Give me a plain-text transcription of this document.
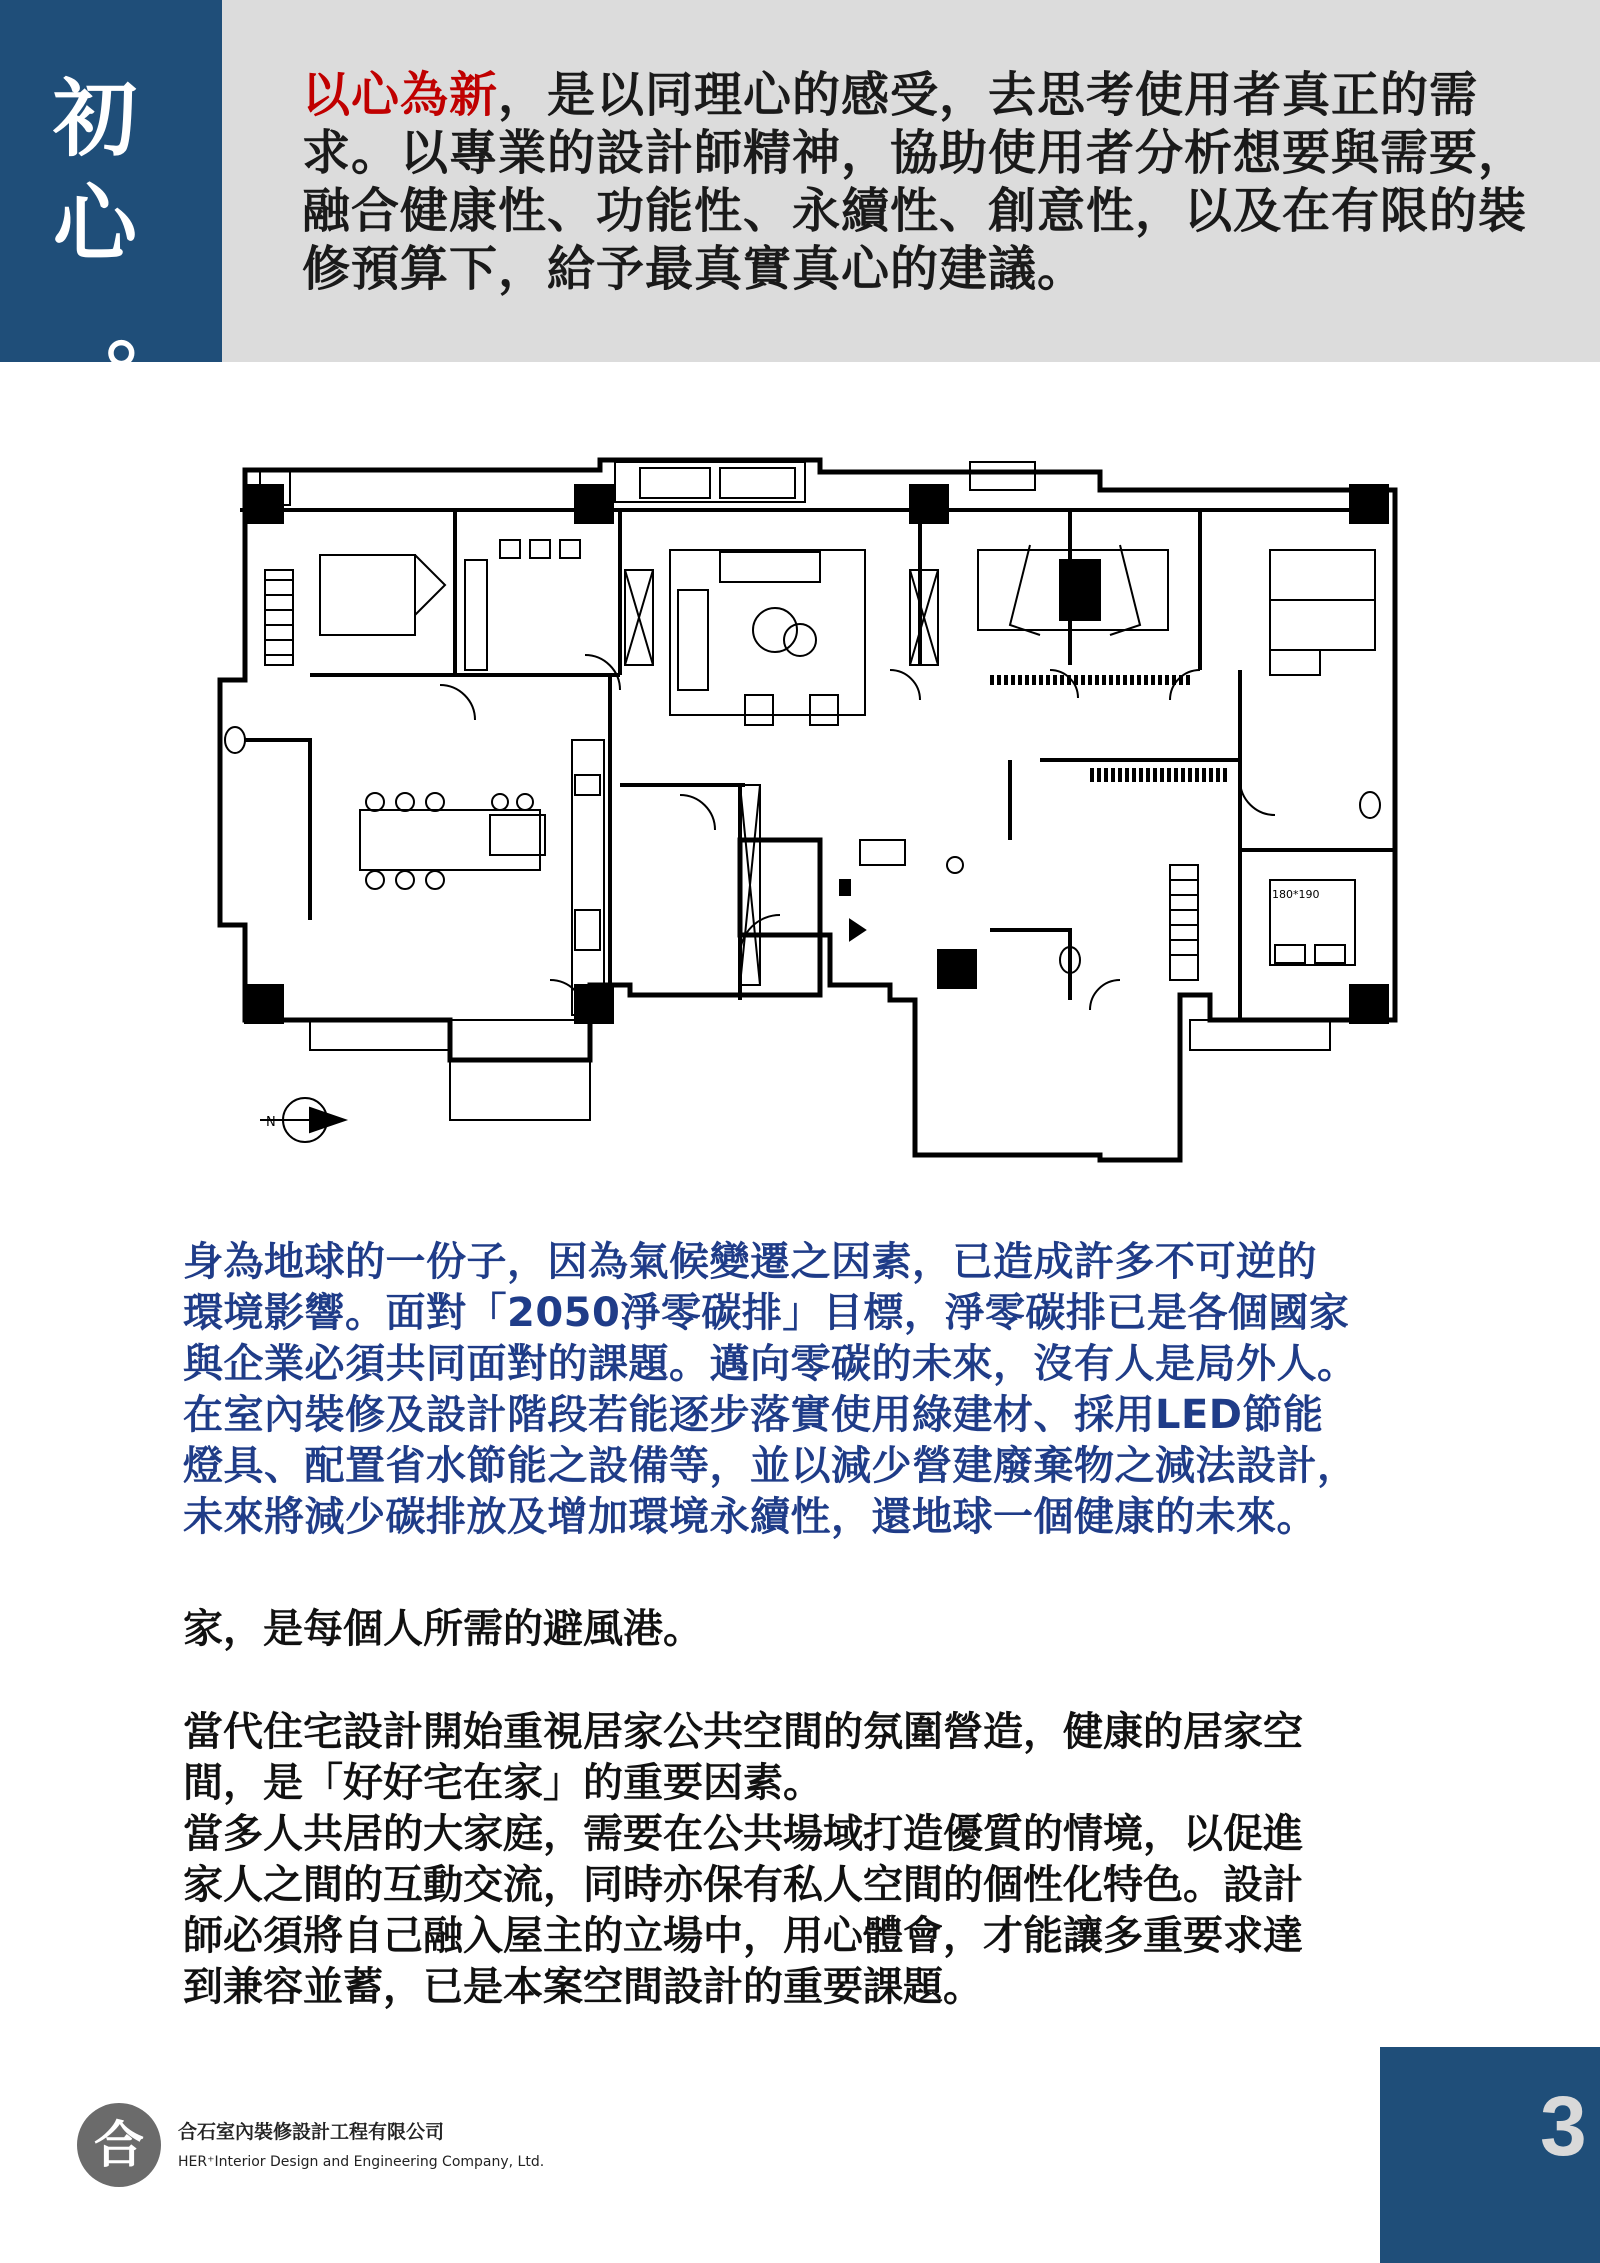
初
心
。
以心為新，是以同理心的感受，去思考使用者真正的需求。以專業的設計師精神，協助使用者分析想要與需要，融合健康性、功能性、永續性、創意性，以及在有限的裝修預算下，給予最真實真心的建議。
N
180*190

身為地球的一份子，因為氣候變遷之因素，已造成許多不可逆的

環境影響。面對「2050淨零碳排」目標，淨零碳排已是各個國家

與企業必須共同面對的課題。邁向零碳的未來，沒有人是局外人。

在室內裝修及設計階段若能逐步落實使用綠建材、採用LED節能

燈具、配置省水節能之設備等，並以減少營建廢棄物之減法設計，

未來將減少碳排放及增加環境永續性，還地球一個健康的未來。

家，是每個人所需的避風港。

當代住宅設計開始重視居家公共空間的氛圍營造，健康的居家空

間，是「好好宅在家」的重要因素。

當多人共居的大家庭，需要在公共場域打造優質的情境，以促進

家人之間的互動交流，同時亦保有私人空間的個性化特色。設計

師必須將自己融入屋主的立場中，用心體會，才能讓多重要求達

到兼容並蓄，已是本案空間設計的重要課題。

合 合石室內裝修設計工程有限公司
HER⁺Interior Design and Engineering Company, Ltd.	3
